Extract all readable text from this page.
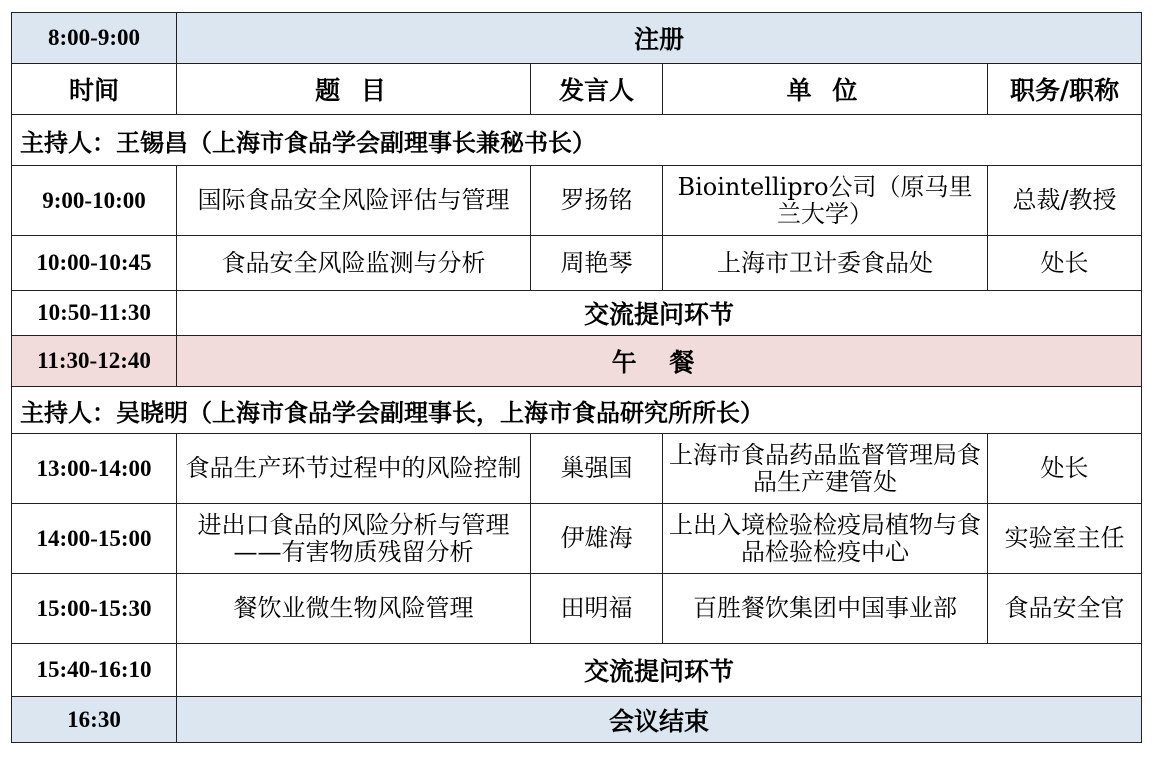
8:00-9:00	注册			
时间	题 目	发言人	单 位	职务/职称
主持人：王锡昌（上海市食品学会副理事长兼秘书长）				
9:00-10:00	国际食品安全风险评估与管理	罗扬铭	Biointellipro公司（原马里兰大学）	总裁/教授
10:00-10:45	食品安全风险监测与分析	周艳琴	上海市卫计委食品处	处长
10:50-11:30	交流提问环节			
11:30-12:40	午 餐			
主持人：吴晓明（上海市食品学会副理事长，上海市食品研究所所长）				
13:00-14:00	食品生产环节过程中的风险控制	巢强国	上海市食品药品监督管理局食品生产建管处	处长
14:00-15:00	进出口食品的风险分析与管理——有害物质残留分析	伊雄海	上出入境检验检疫局植物与食品检验检疫中心	实验室主任
15:00-15:30	餐饮业微生物风险管理	田明福	百胜餐饮集团中国事业部	食品安全官
15:40-16:10	交流提问环节			
16:30	会议结束			
